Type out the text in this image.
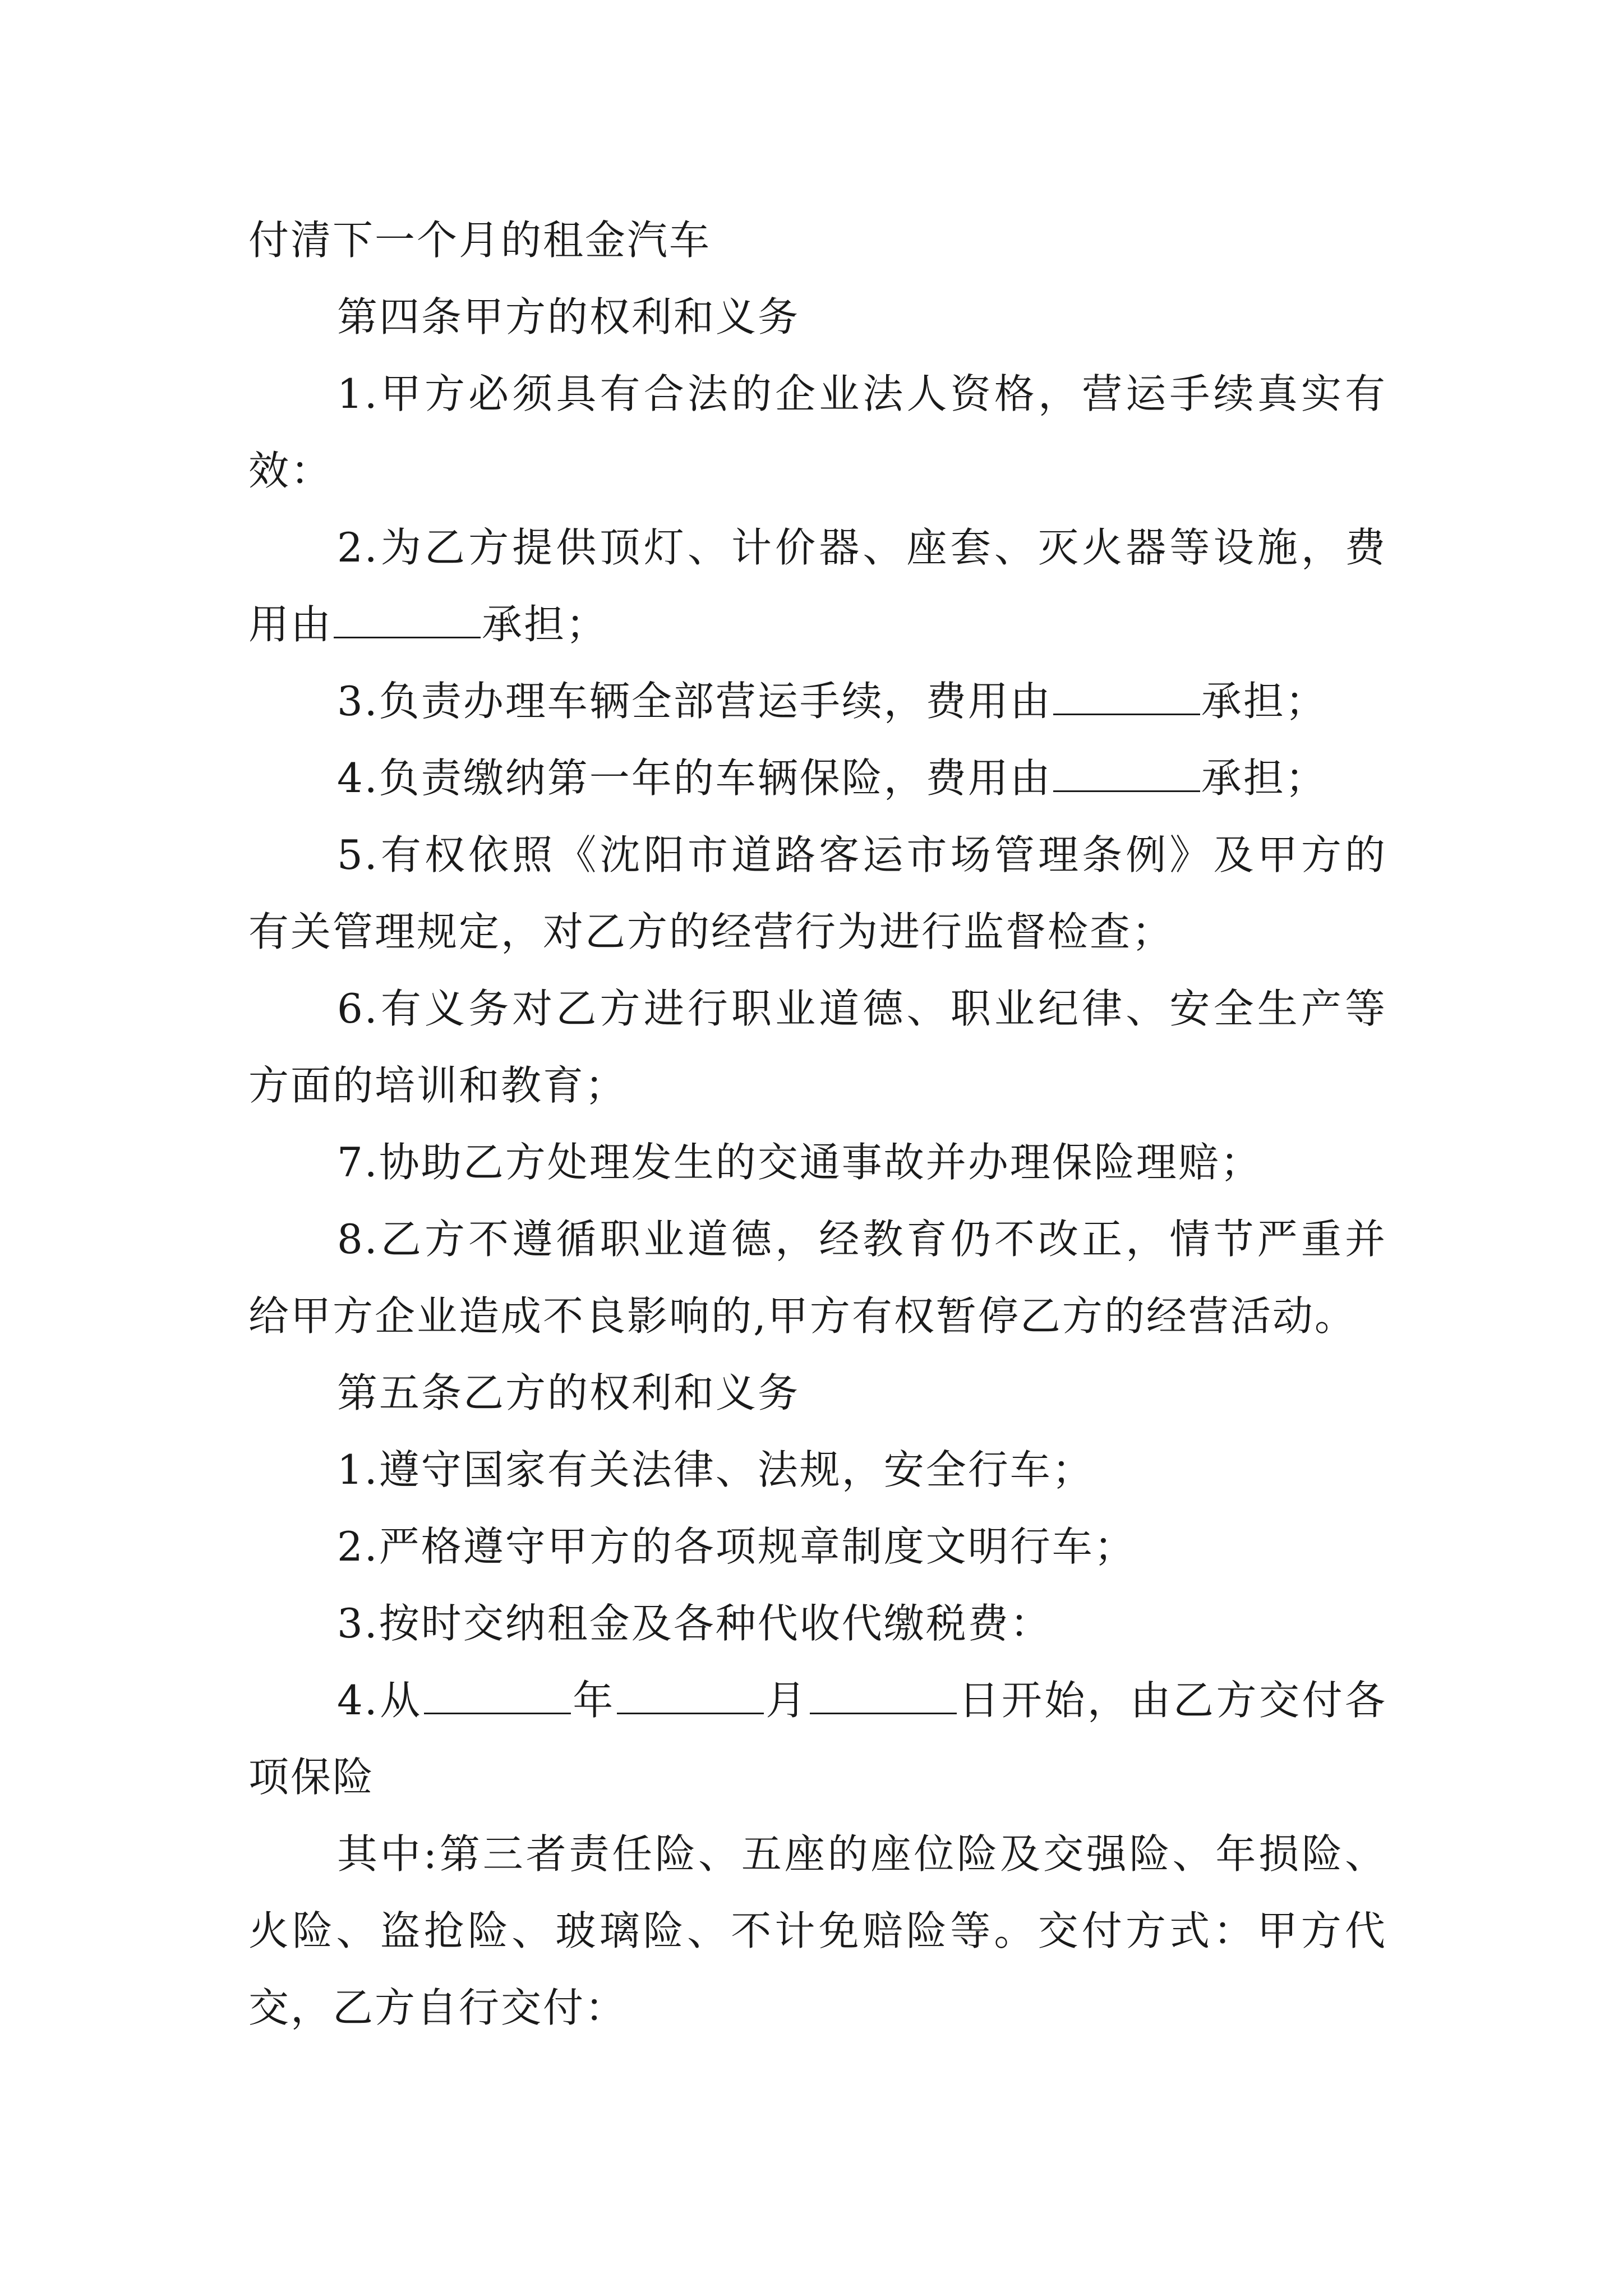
付清下一个月的租金汽车

第四条甲方的权利和义务

1.甲方必须具有合法的企业法人资格，营运手续真实有效：

2.为乙方提供顶灯、计价器、座套、灭火器等设施，费用由	承担；

3.负责办理车辆全部营运手续，费用由	承担；

4.负责缴纳第一年的车辆保险，费用由	承担；

5.有权依照《沈阳市道路客运市场管理条例》及甲方的有关管理规定，对乙方的经营行为进行监督检查；

6.有义务对乙方进行职业道德、职业纪律、安全生产等方面的培训和教育；

7.协助乙方处理发生的交通事故并办理保险理赔；

8.乙方不遵循职业道德，经教育仍不改正，情节严重并给甲方企业造成不良影响的,甲方有权暂停乙方的经营活动。

第五条乙方的权利和义务

1.遵守国家有关法律、法规，安全行车；

2.严格遵守甲方的各项规章制度文明行车；

3.按时交纳租金及各种代收代缴税费：

4.从	年	月	日开始，由乙方交付各项保险

其中:第三者责任险、五座的座位险及交强险、年损险、火险、盗抢险、玻璃险、不计免赔险等。交付方式：甲方代交，乙方自行交付：
